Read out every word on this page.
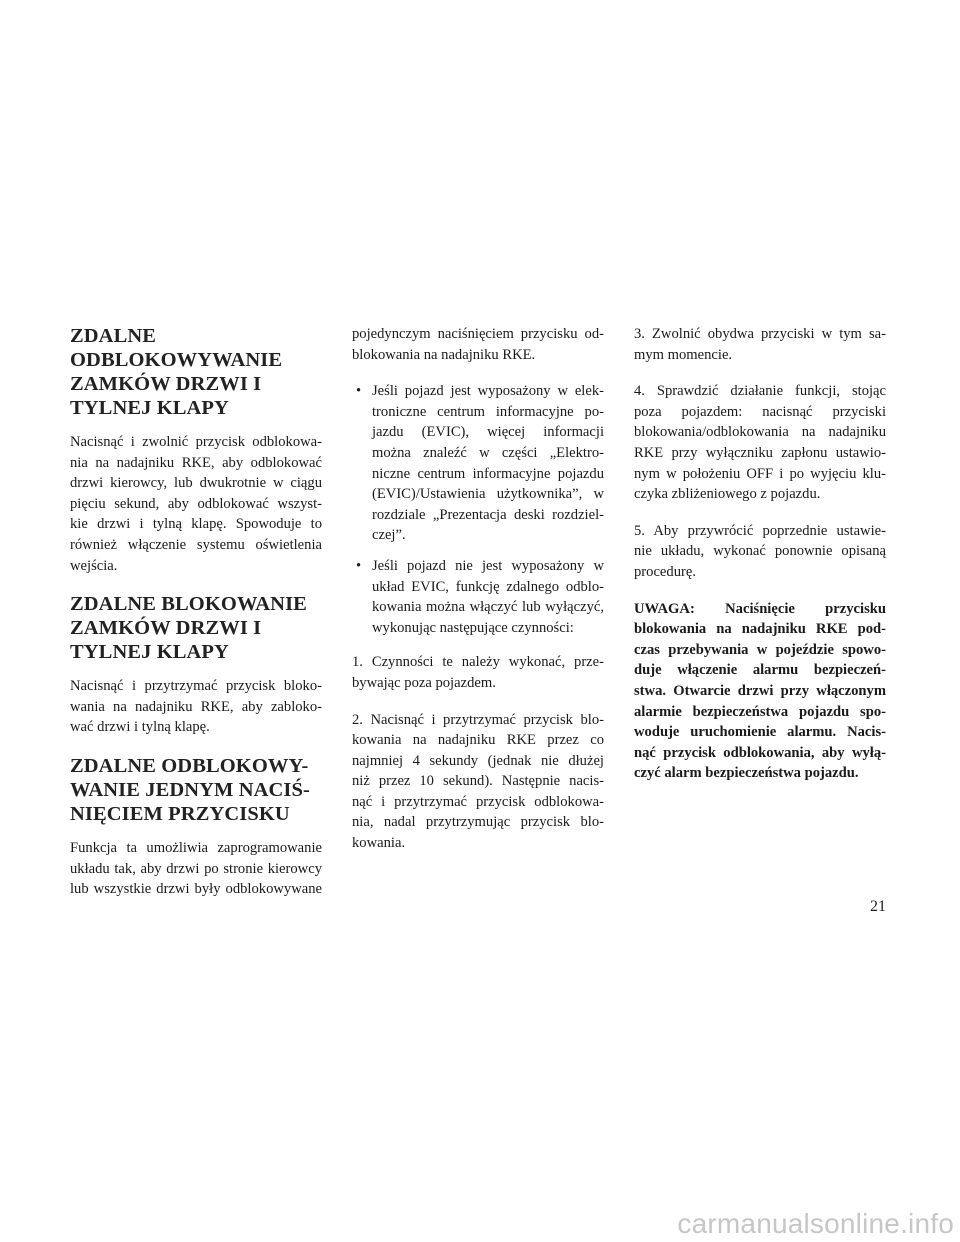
ZDALNE
ODBLOKOWYWANIE
ZAMKÓW DRZWI I
TYLNEJ KLAPY

Nacisnąć i zwolnić przycisk odblokowa-
nia na nadajniku RKE, aby odblokować
drzwi kierowcy, lub dwukrotnie w ciągu
pięciu sekund, aby odblokować wszyst-
kie drzwi i tylną klapę. Spowoduje to
również włączenie systemu oświetlenia
wejścia.

ZDALNE BLOKOWANIE
ZAMKÓW DRZWI I
TYLNEJ KLAPY

Nacisnąć i przytrzymać przycisk bloko-
wania na nadajniku RKE, aby zabloko-
wać drzwi i tylną klapę.

ZDALNE ODBLOKOWY-
WANIE JEDNYM NACIŚ-
NIĘCIEM PRZYCISKU

Funkcja ta umożliwia zaprogramowanie
układu tak, aby drzwi po stronie kierowcy
lub wszystkie drzwi były odblokowywane

pojedynczym naciśnięciem przycisku od-
blokowania na nadajniku RKE.

• Jeśli pojazd jest wyposażony w elek-
troniczne centrum informacyjne po-
jazdu (EVIC), więcej informacji
można znaleźć w części „Elektro-
niczne centrum informacyjne pojazdu
(EVIC)/Ustawienia użytkownika”, w
rozdziale „Prezentacja deski rozdziel-
czej”.
• Jeśli pojazd nie jest wyposażony w
układ EVIC, funkcję zdalnego odblo-
kowania można włączyć lub wyłączyć,
wykonując następujące czynności:

1. Czynności te należy wykonać, prze-
bywając poza pojazdem.

2. Nacisnąć i przytrzymać przycisk blo-
kowania na nadajniku RKE przez co
najmniej 4 sekundy (jednak nie dłużej
niż przez 10 sekund). Następnie nacis-
nąć i przytrzymać przycisk odblokowa-
nia, nadal przytrzymując przycisk blo-
kowania.

3. Zwolnić obydwa przyciski w tym sa-
mym momencie.

4. Sprawdzić działanie funkcji, stojąc
poza pojazdem: nacisnąć przyciski
blokowania/odblokowania na nadajniku
RKE przy wyłączniku zapłonu ustawio-
nym w położeniu OFF i po wyjęciu klu-
czyka zbliżeniowego z pojazdu.

5. Aby przywrócić poprzednie ustawie-
nie układu, wykonać ponownie opisaną
procedurę.

UWAGA: Naciśnięcie przycisku
blokowania na nadajniku RKE pod-
czas przebywania w pojeździe spowo-
duje włączenie alarmu bezpieczeń-
stwa. Otwarcie drzwi przy włączonym
alarmie bezpieczeństwa pojazdu spo-
woduje uruchomienie alarmu. Nacis-
nąć przycisk odblokowania, aby wyłą-
czyć alarm bezpieczeństwa pojazdu.

21
carmanualsonline.info
